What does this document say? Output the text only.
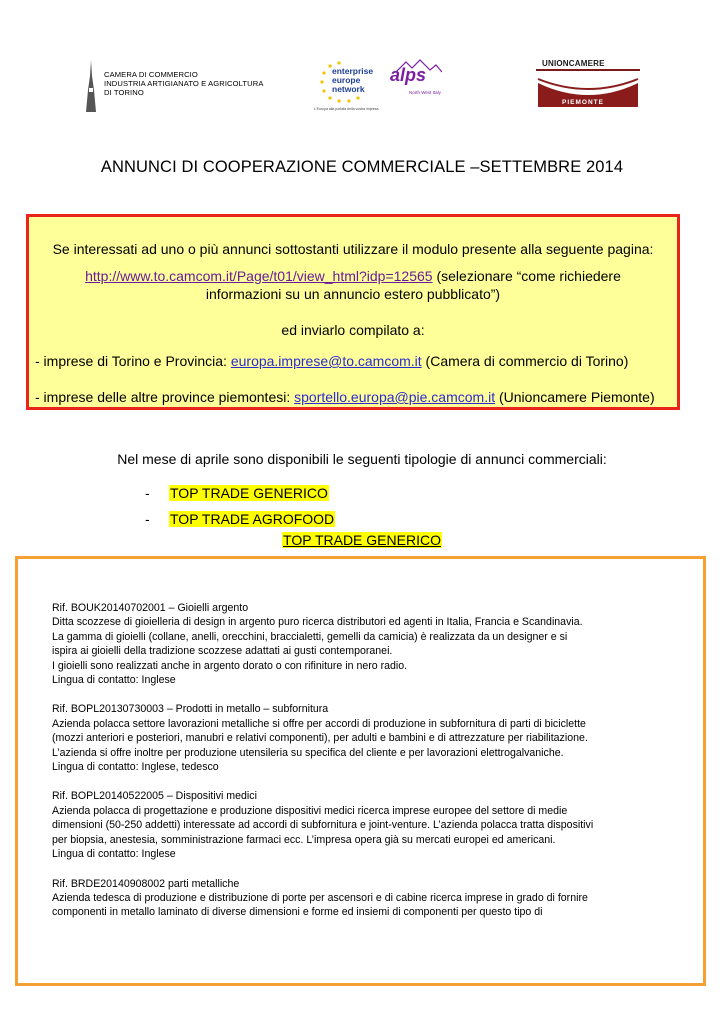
CAMERA DI COMMERCIO
INDUSTRIA ARTIGIANATO E AGRICOLTURA
DI TORINO
enterprise
europe
network
alps
North West Italy
L'Europa alla portata della vostra impresa
UNIONCAMERE
PIEMONTE
ANNUNCI DI COOPERAZIONE COMMERCIALE –SETTEMBRE 2014
Se interessati ad uno o più annunci sottostanti utilizzare il modulo presente alla seguente pagina:
http://www.to.camcom.it/Page/t01/view_html?idp=12565 (selezionare “come richiedere
informazioni su un annuncio estero pubblicato”)
ed inviarlo compilato a:
- imprese di Torino e Provincia: europa.imprese@to.camcom.it (Camera di commercio di Torino)
- imprese delle altre province piemontesi: sportello.europa@pie.camcom.it (Unioncamere Piemonte)
Nel mese di aprile sono disponibili le seguenti tipologie di annunci commerciali:
-	TOP TRADE GENERICO
-	TOP TRADE AGROFOOD
TOP TRADE GENERICO
Rif. BOUK20140702001 – Gioielli argento
Ditta scozzese di gioielleria di design in argento puro ricerca distributori ed agenti in Italia, Francia e Scandinavia.
La gamma di gioielli (collane, anelli, orecchini, braccialetti, gemelli da camicia) è realizzata da un designer e si
ispira ai gioielli della tradizione scozzese adattati ai gusti contemporanei.
I gioielli sono realizzati anche in argento dorato o con rifiniture in nero radio.
Lingua di contatto: Inglese
Rif. BOPL20130730003 – Prodotti in metallo – subfornitura
Azienda polacca settore lavorazioni metalliche si offre per accordi di produzione in subfornitura di parti di biciclette
(mozzi anteriori e posteriori, manubri e relativi componenti), per adulti e bambini e di attrezzature per riabilitazione.
L’azienda si offre inoltre per produzione utensileria su specifica del cliente e per lavorazioni elettrogalvaniche.
Lingua di contatto: Inglese, tedesco
Rif. BOPL20140522005 – Dispositivi medici
Azienda polacca di progettazione e produzione dispositivi medici ricerca imprese europee del settore di medie
dimensioni (50-250 addetti) interessate ad accordi di subfornitura e joint-venture. L’azienda polacca tratta dispositivi
per biopsia, anestesia, somministrazione farmaci ecc. L’impresa opera già su mercati europei ed americani.
Lingua di contatto: Inglese
Rif. BRDE20140908002 parti metalliche
Azienda tedesca di produzione e distribuzione di porte per ascensori e di cabine ricerca imprese in grado di fornire
componenti in metallo laminato di diverse dimensioni e forme ed insiemi di componenti per questo tipo di
